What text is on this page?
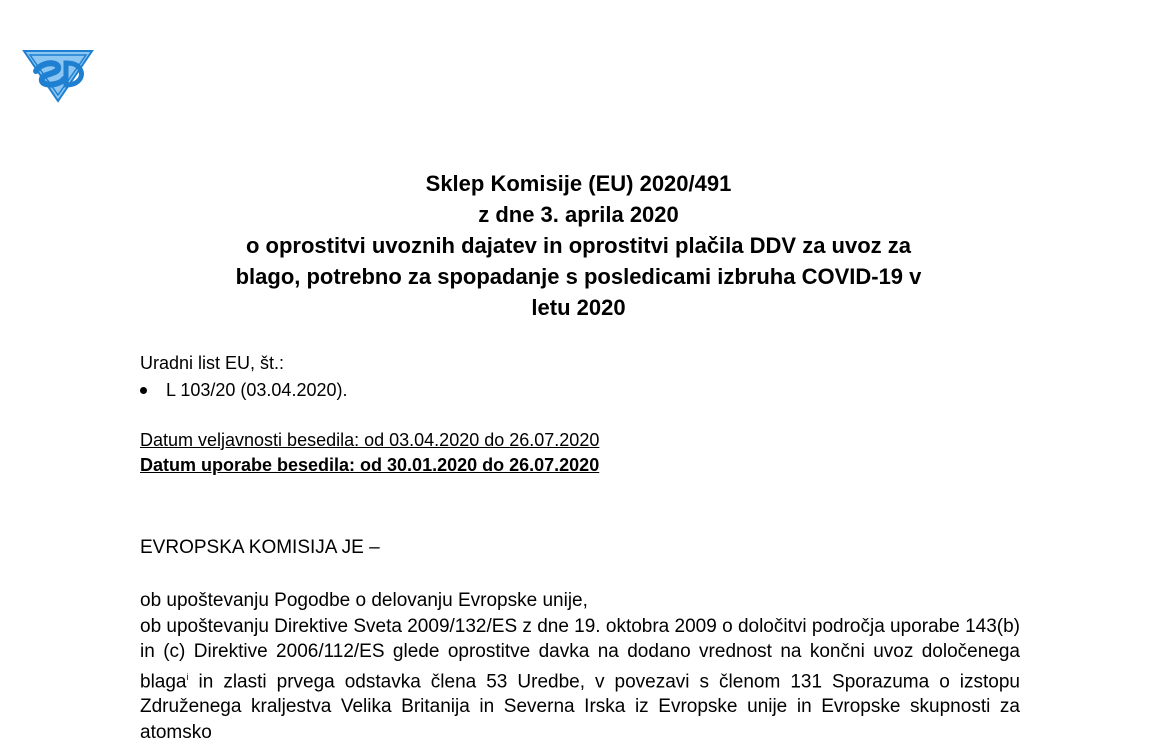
Sklep Komisije (EU) 2020/491
z dne 3. aprila 2020
o oprostitvi uvoznih dajatev in oprostitvi plačila DDV za uvoz za
blago, potrebno za spopadanje s posledicami izbruha COVID-19 v
letu 2020
Uradni list EU, št.:
L 103/20 (03.04.2020).
Datum veljavnosti besedila: od 03.04.2020 do 26.07.2020
Datum uporabe besedila: od 30.01.2020 do 26.07.2020
EVROPSKA KOMISIJA JE –

ob upoštevanju Pogodbe o delovanju Evropske unije,

ob upoštevanju Direktive Sveta 2009/132/ES z dne 19. oktobra 2009 o določitvi področja uporabe 143(b) in (c) Direktive 2006/112/ES glede oprostitve davka na dodano vrednost na končni uvoz določenega blaga$^i$ in zlasti prvega odstavka člena 53 Uredbe, v povezavi s členom 131 Sporazuma o izstopu Združenega kraljestva Velika Britanija in Severna Irska iz Evropske unije in Evropske skupnosti za atomsko
